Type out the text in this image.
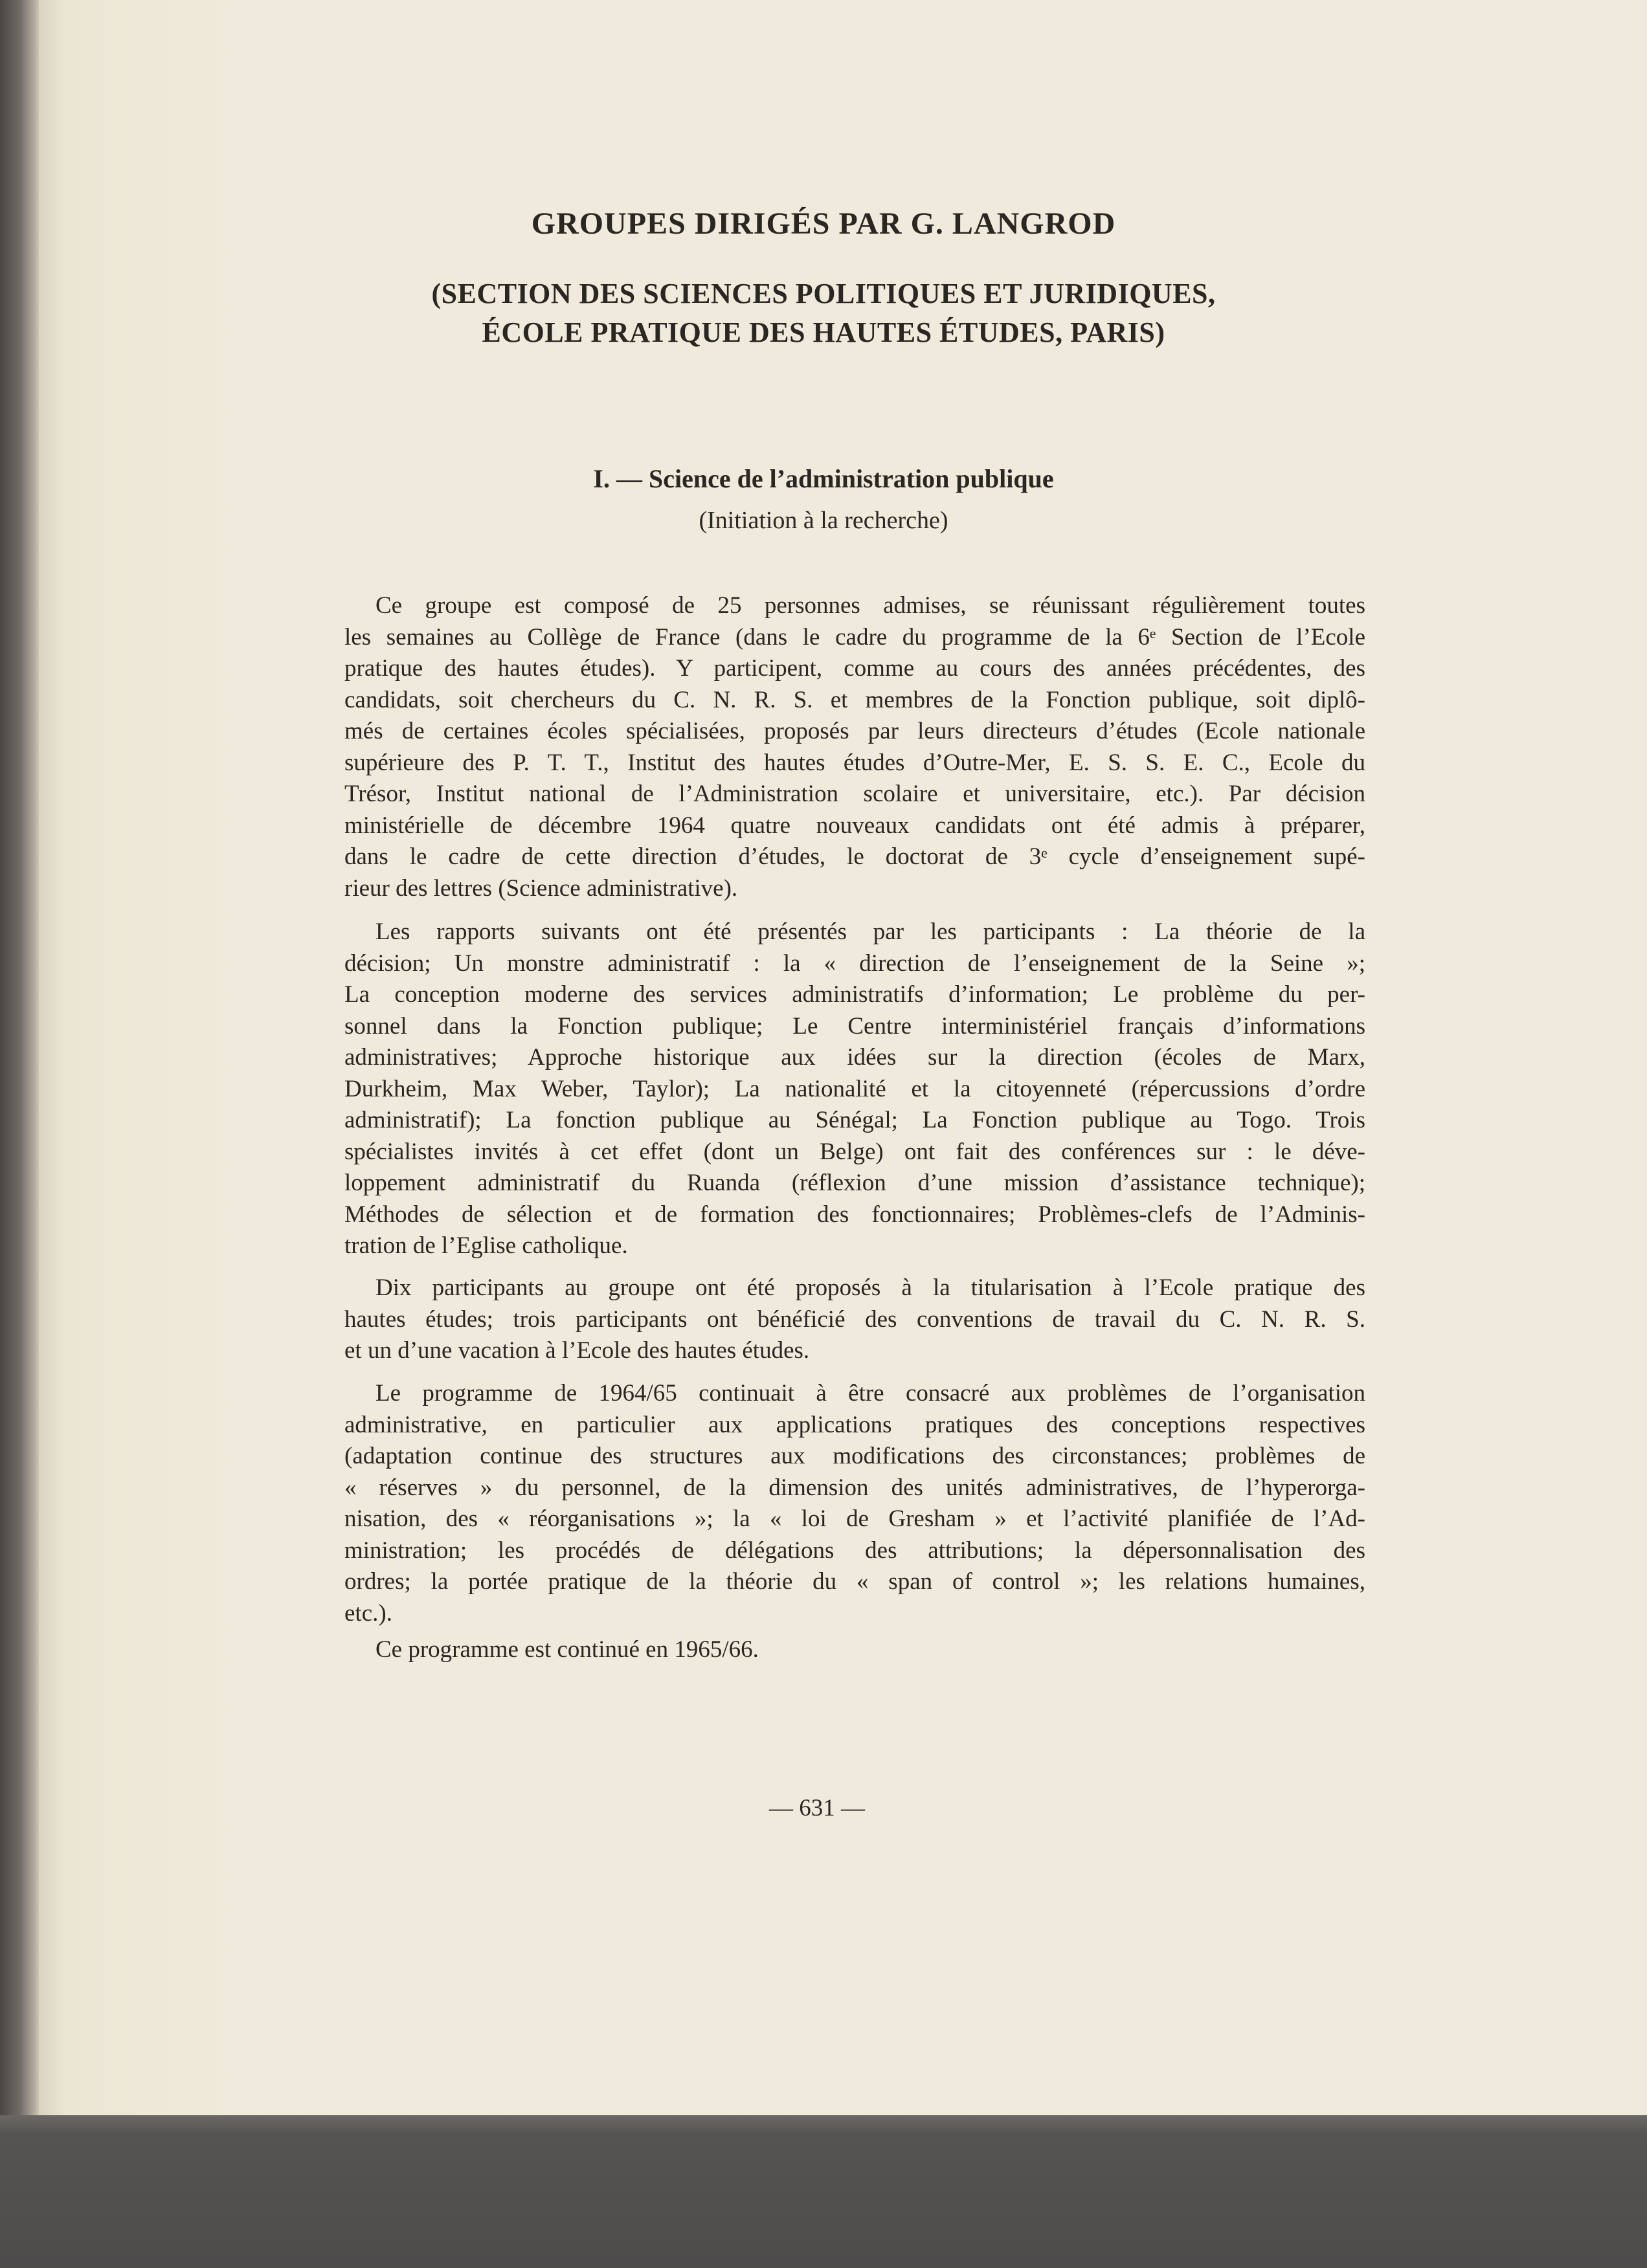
GROUPES DIRIGÉS PAR G. LANGROD
(SECTION DES SCIENCES POLITIQUES ET JURIDIQUES,
ÉCOLE PRATIQUE DES HAUTES ÉTUDES, PARIS)
I. — Science de l’administration publique
(Initiation à la recherche)
Ce groupe est composé de 25 personnes admises, se réunissant régulièrement toutes
les semaines au Collège de France (dans le cadre du programme de la 6ᵉ Section de l’Ecole
pratique des hautes études). Y participent, comme au cours des années précédentes, des
candidats, soit chercheurs du C. N. R. S. et membres de la Fonction publique, soit diplô-
més de certaines écoles spécialisées, proposés par leurs directeurs d’études (Ecole nationale
supérieure des P. T. T., Institut des hautes études d’Outre-Mer, E. S. S. E. C., Ecole du
Trésor, Institut national de l’Administration scolaire et universitaire, etc.). Par décision
ministérielle de décembre 1964 quatre nouveaux candidats ont été admis à préparer,
dans le cadre de cette direction d’études, le doctorat de 3ᵉ cycle d’enseignement supé-
rieur des lettres (Science administrative).
Les rapports suivants ont été présentés par les participants : La théorie de la
décision; Un monstre administratif : la « direction de l’enseignement de la Seine »;
La conception moderne des services administratifs d’information; Le problème du per-
sonnel dans la Fonction publique; Le Centre interministériel français d’informations
administratives; Approche historique aux idées sur la direction (écoles de Marx,
Durkheim, Max Weber, Taylor); La nationalité et la citoyenneté (répercussions d’ordre
administratif); La fonction publique au Sénégal; La Fonction publique au Togo. Trois
spécialistes invités à cet effet (dont un Belge) ont fait des conférences sur : le déve-
loppement administratif du Ruanda (réflexion d’une mission d’assistance technique);
Méthodes de sélection et de formation des fonctionnaires; Problèmes-clefs de l’Adminis-
tration de l’Eglise catholique.
Dix participants au groupe ont été proposés à la titularisation à l’Ecole pratique des
hautes études; trois participants ont bénéficié des conventions de travail du C. N. R. S.
et un d’une vacation à l’Ecole des hautes études.
Le programme de 1964/65 continuait à être consacré aux problèmes de l’organisation
administrative, en particulier aux applications pratiques des conceptions respectives
(adaptation continue des structures aux modifications des circonstances; problèmes de
« réserves » du personnel, de la dimension des unités administratives, de l’hyperorga-
nisation, des « réorganisations »; la « loi de Gresham » et l’activité planifiée de l’Ad-
ministration; les procédés de délégations des attributions; la dépersonnalisation des
ordres; la portée pratique de la théorie du « span of control »; les relations humaines,
etc.).
Ce programme est continué en 1965/66.
— 631 —
